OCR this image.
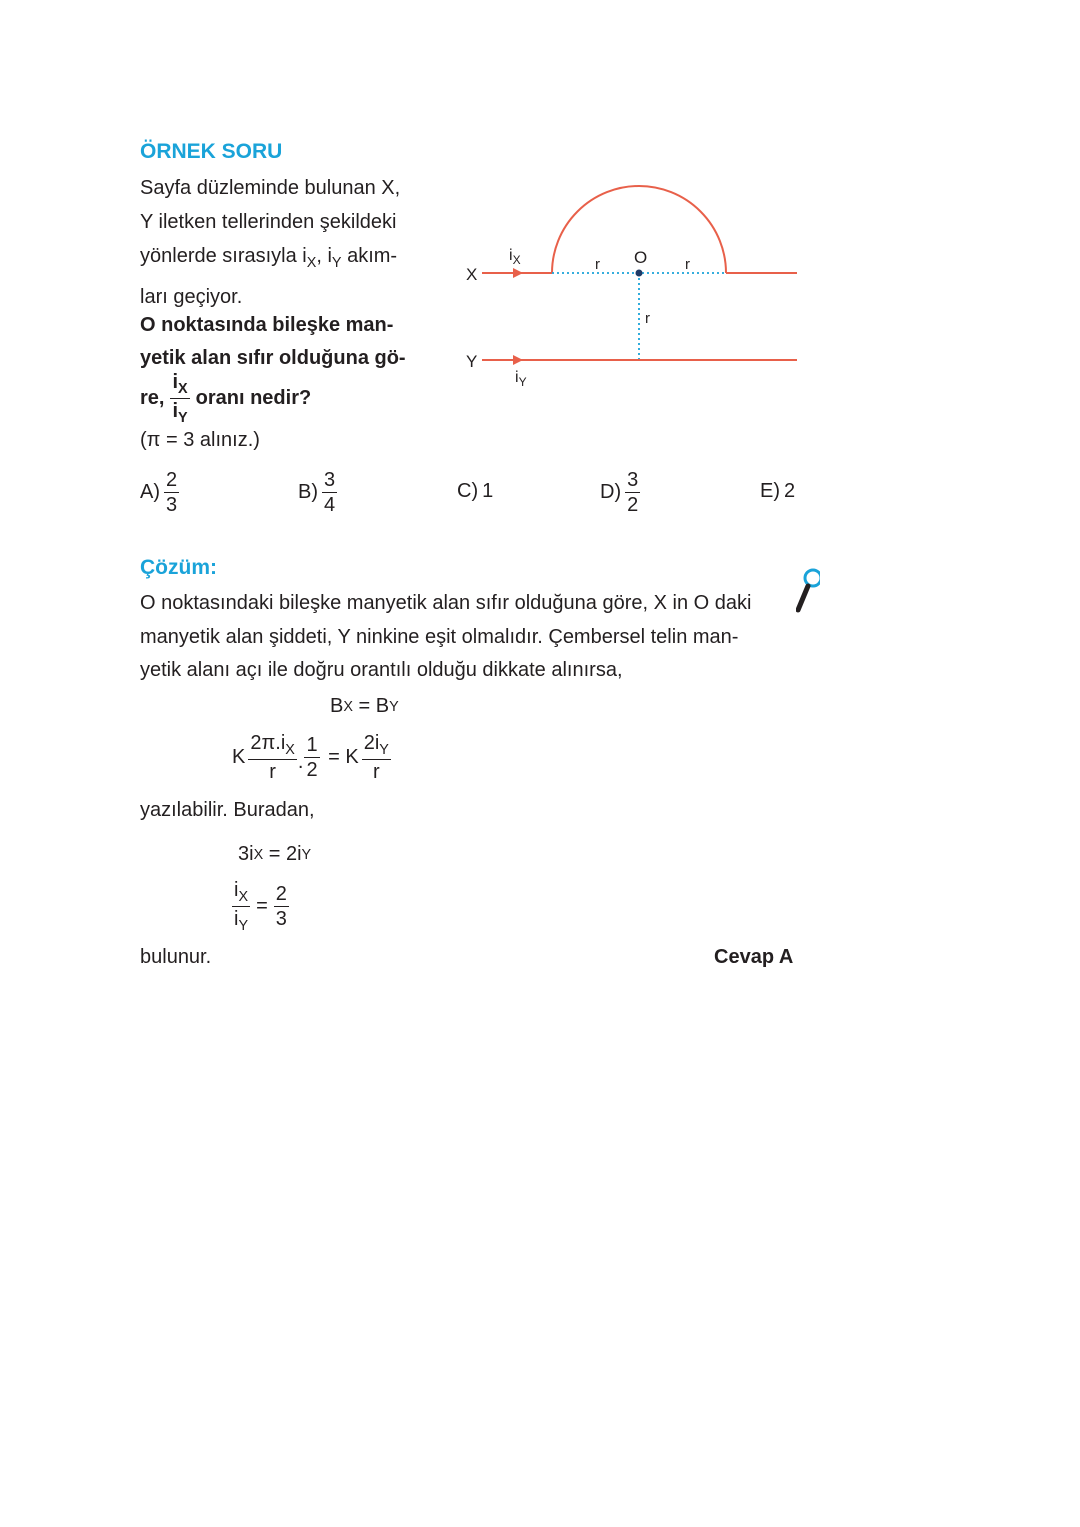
ÖRNEK SORU
Sayfa düzleminde bulunan X,
Y iletken tellerinden şekildeki
yönlerde sırasıyla $i_X$, $i_Y$ akım-
ları geçiyor.
O noktasında bileşke man-
yetik alan sıfır olduğuna gö-
re, $\frac{i_X}{i_Y}$ oranı nedir?
(π = 3 alınız.)
X
Y
$i_X$
$i_Y$
O
r	r
r
$A) \frac{2}{3}$	$B) \frac{3}{4}$	C) 1	$D) \frac{3}{2}$	E) 2
Çözüm:
O noktasındaki bileşke manyetik alan sıfır olduğuna göre, X in O daki
manyetik alan şiddeti, Y ninkine eşit olmalıdır. Çembersel telin man-
yetik alanı açı ile doğru orantılı olduğu dikkate alınırsa,
B X = B Y
K $\frac{2\pi.i_X}{r}$ . $\frac{1}{2} = K \frac{2i_Y}{r}$
yazılabilir. Buradan,
3i X = 2i Y
$\frac{i_X}{i_Y} = \frac{2}{3}$
bulunur.	Cevap A
